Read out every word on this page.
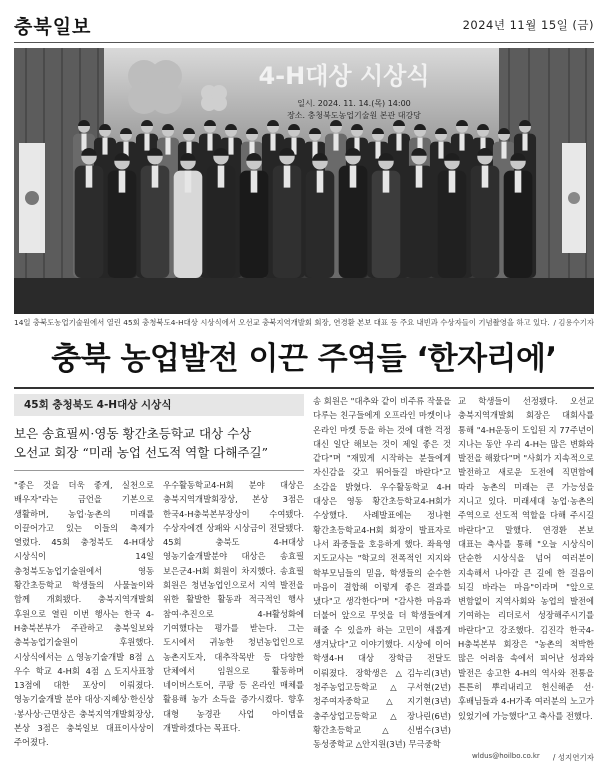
충북일보	2024년 11월 15일 (금)
4-H대상 시상식
일시. 2024. 11. 14.(목) 14:00
장소. 충청북도농업기술원 본관 대강당
14일 충북도농업기술원에서 열린 45회 충청북도4-H대상 시상식에서 오선교 충북지역개발회 회장, 연경환 본보 대표 등 주요 내빈과 수상자들이 기념촬영을 하고 있다. / 김용수기자
충북 농업발전 이끈 주역들 ‘한자리에’
45회 충청북도 4-H대상 시상식
보은 송효필씨·영동 황간초등학교 대상 수상
오선교 회장 “미래 농업 선도적 역할 다해주길”

"좋은 것을 더욱 좋게, 실천으로 배우자"라는 금언을 기본으로 생활하며, 농업·농촌의 미래를 이끌어가고 있는 이들의 축제가 열렸다. 45회 충청북도 4-H대상 시상식이 14일 충청북도농업기술원에서 영동 황간초등학교 학생들의 사물놀이와 함께 개회됐다. 충북지역개발회 후원으로 열린 이번 행사는 한국 4-H충북본부가 주관하고 충북일보와 충북농업기술원이 후원했다. 시상식에서는 △영농기술개발 8점 △우수 학교 4-H회 4점 △도지사표창 13점에 대한 포상이 이뤄졌다. 영농기술개발 분야 대상·지혜상·한신상·봉사상·근면상은 충북지역개발회장상, 본상 3점은 충북일보 대표이사상이 주어졌다.

우수활동학교4-H회 분야 대상은 충북지역개발회장상, 본상 3점은 한국4-H충북본부장상이 수여됐다. 수상자에겐 상패와 시상금이 전달됐다. 45회 충북도 4-H대상 영농기술개발분야 대상은 송효필 보은군4-H회 회원이 차지했다. 송효필 회원은 청년농업인으로서 지역 발전을 위한 활발한 활동과 적극적인 행사 참여·추진으로 4-H활성화에 기여했다는 평가를 받는다. 그는 도시에서 귀농한 청년농업인으로 농촌지도자, 대추작목반 등 다양한 단체에서 임원으로 활동하며 네이버스토어, 쿠팡 등 온라인 매체를 활용해 농가 소득을 증가시켰다. 향후 대형 농경관 사업 아이템을 개발하겠다는 목표다.

송 회원은 "대추와 같이 비주류 작물을 다루는 친구들에게 오프라인 마켓이나 온라인 마켓 등을 하는 것에 대한 걱정 대신 일단 해보는 것이 제일 좋은 것 같다"며 "재밌게 시작하는 분들에게 자신감을 갖고 뛰어들길 바란다"고 소감을 밝혔다. 우수활동학교 4-H 대상은 영동 황간초등학교4-H회가 수상했다. 사례발표에는 정나현 황간초등학교4-H회 회장이 발표자로 나서 좌중들을 호응하게 했다. 좌육영 지도교사는 "학교의 전폭적인 지지와 학부모님들의 믿음, 학생들의 순수한 마음이 결합해 이렇게 좋은 결과를 냈다"고 생각한다"며 "감사한 마음과 더불어 앞으로 무엇을 더 학생들에게 해줄 수 있을까 하는 고민이 새롭게 생겨났다"고 이야기했다. 시상에 이어 학생4-H 대상 장학금 전달도 이뤄졌다. 장학생은 △김누리(3년) 청주농업고등학교 △구서현(2년) 청주여자중학교 △지기현(3년) 충주상업고등학교 △장나린(6년) 황간초등학교 △신범수(3년) 동성중학교 △안지원(3년) 무극중학

교 학생들이 선정됐다. 오선교 충북지역개발회 회장은 대회사를 통해 "4-H운동이 도입된 지 77주년이 지나는 동안 우리 4-H는 많은 변화와 발전을 해왔다"며 "사회가 지속적으로 발전하고 새로운 도전에 직면함에 따라 농촌의 미래는 큰 가능성을 지니고 있다. 미래세대 농업·농촌의 주역으로 선도적 역할을 다해 주시길 바란다"고 말했다. 연경환 본보 대표는 축사를 통해 "오늘 시상식이 단순한 시상식을 넘어 여러분이 지속해서 나아갈 큰 길에 한 걸음이 되길 바라는 마음"이라며 "앞으로 변함없이 지역사회와 농업의 발전에 기여하는 리더로서 성장해주시기를 바란다"고 강조했다. 김진각 한국4-H충북본부 회장은 "농촌의 척박한 많은 어려움 속에서 피어난 성과와 발전은 송고한 4-H의 역사와 전통을 튼튼히 뿌리내리고 헌신해준 선·후배님들과 4-H가족 여러분의 노고가 있었기에 가능했다"고 축사를 전했다.

wldus@hoilbo.co.kr / 성지연기자
